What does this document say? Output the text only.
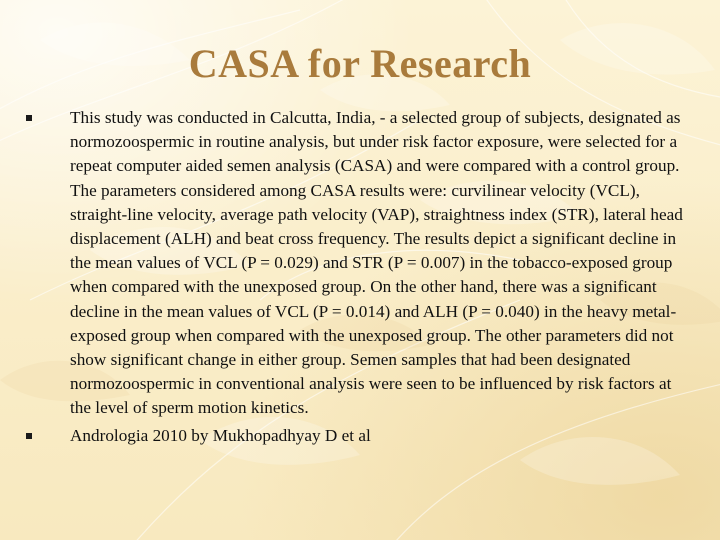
CASA for Research
This study was conducted in Calcutta, India, - a selected group of subjects, designated as normozoospermic in routine analysis, but under risk factor exposure, were selected for a repeat computer aided semen analysis (CASA) and were compared with a control group. The parameters considered among CASA results were: curvilinear velocity (VCL), straight-line velocity, average path velocity (VAP), straightness index (STR), lateral head displacement (ALH) and beat cross frequency. The results depict a significant decline in the mean values of VCL (P = 0.029) and STR (P = 0.007) in the tobacco-exposed group when compared with the unexposed group. On the other hand, there was a significant decline in the mean values of VCL (P = 0.014) and ALH (P = 0.040) in the heavy metal-exposed group when compared with the unexposed group. The other parameters did not show significant change in either group. Semen samples that had been designated normozoospermic in conventional analysis were seen to be influenced by risk factors at the level of sperm motion kinetics.
Andrologia 2010 by Mukhopadhyay D et al
